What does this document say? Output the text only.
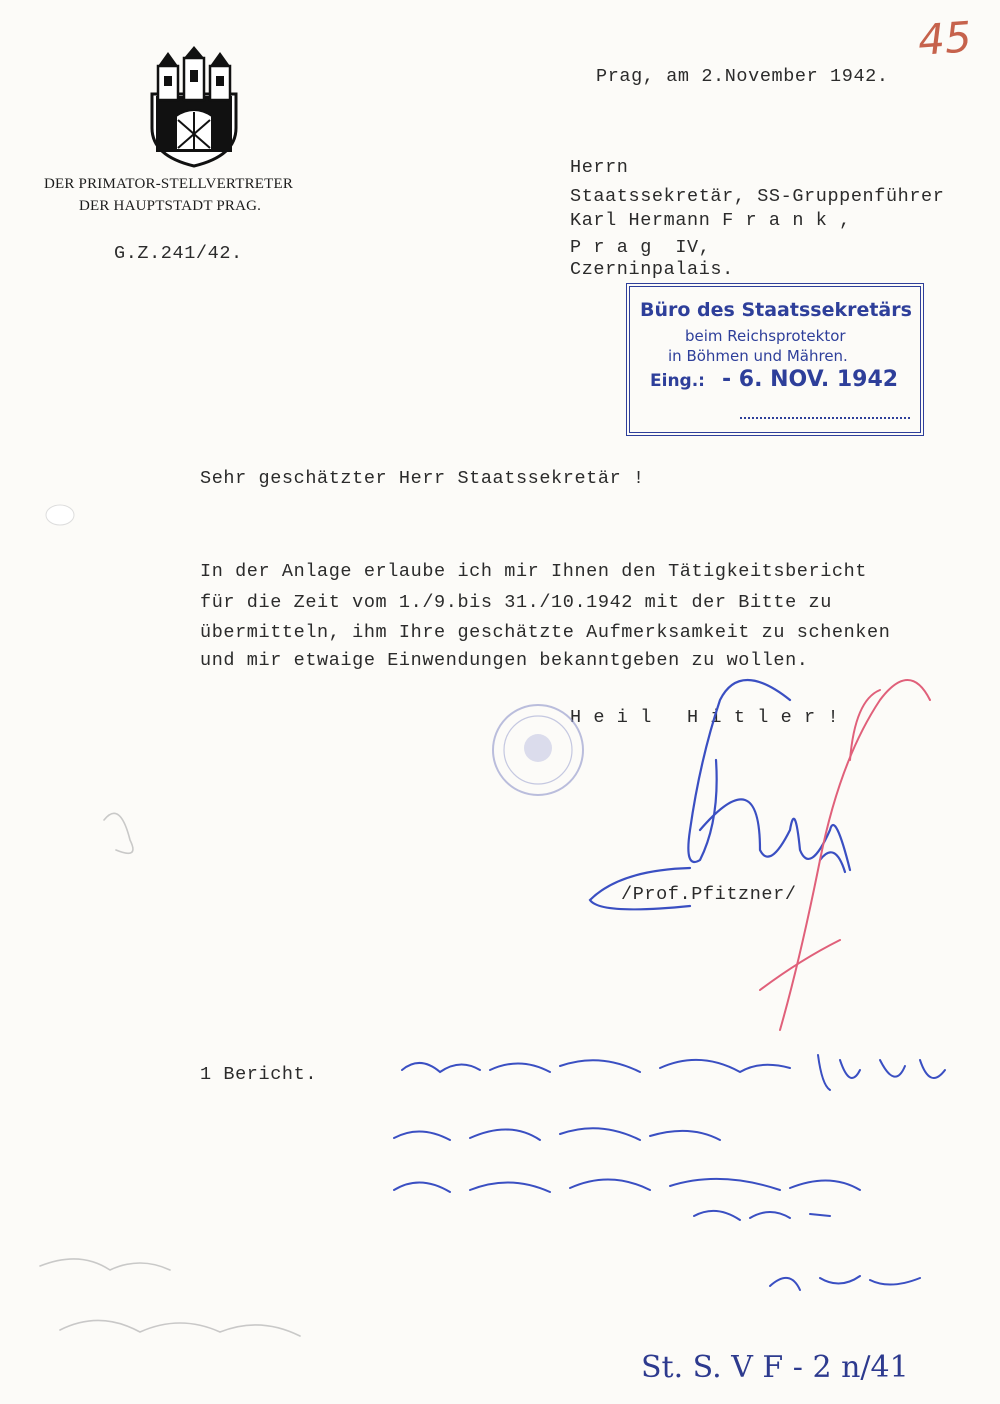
DER PRIMATOR-STELLVERTRETER
DER HAUPTSTADT PRAG.
G.Z.241/42.
45
Prag, am 2.November 1942.
Herrn
Staatssekretär, SS-Gruppenführer
Karl Hermann F r a n k ,
P r a g  IV,
Czerninpalais.
Büro des Staatssekretärs
beim Reichsprotektor
in Böhmen und Mähren.
Eing.: - 6. NOV. 1942
Sehr geschätzter Herr Staatssekretär !
In der Anlage erlaube ich mir Ihnen den Tätigkeitsbericht
für die Zeit vom 1./9.bis 31./10.1942 mit der Bitte zu
übermitteln, ihm Ihre geschätzte Aufmerksamkeit zu schenken
und mir etwaige Einwendungen bekanntgeben zu wollen.
H e i l   H i t l e r !
/Prof.Pfitzner/
1 Bericht.
St. S. V F - 2 n/41
